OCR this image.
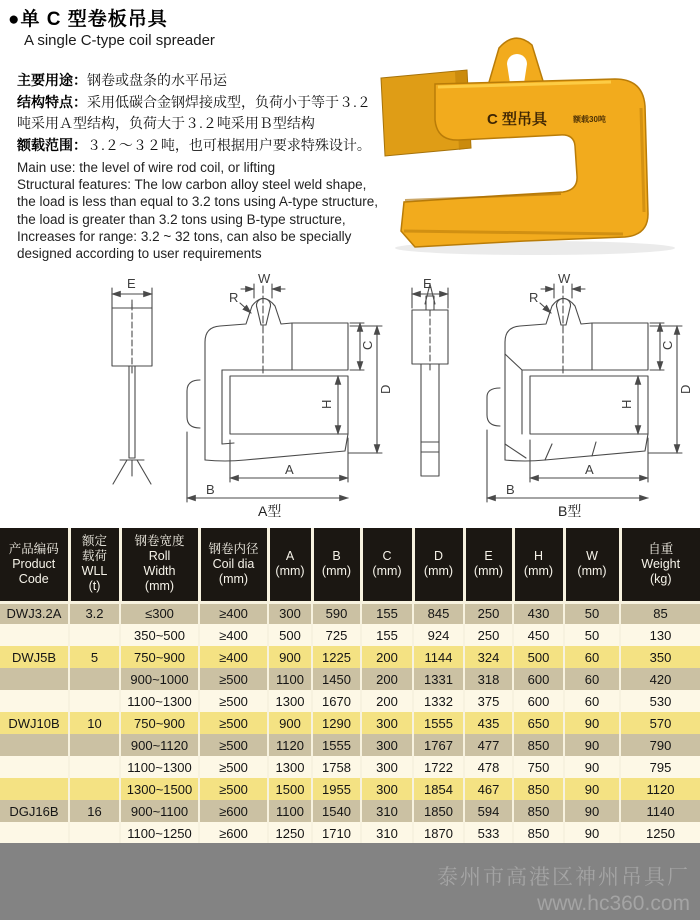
●单 C 型卷板吊具
A single C-type coil spreader
主要用途：钢卷或盘条的水平吊运
结构特点：采用低碳合金钢焊接成型，负荷小于等于３.２
吨采用Ａ型结构，负荷大于３.２吨采用Ｂ型结构
额载范围：３.２～３２吨，也可根据用户要求特殊设计。
Main use: the level of wire rod coil, or lifting
Structural features: The low carbon alloy steel weld shape,
the load is less than equal to 3.2 tons using A-type structure,
the load is greater than 3.2 tons using B-type structure,
Increases for range: 3.2 ~ 32 tons, can also be specially
designed according to user requirements
C 型吊具	额载30吨
E	W
R
C
H
D
A
B
A型
E	W
R
C
H
D
A
B
B型
产品编码
Product
Code	额定
载荷
WLL
(t)	钢卷宽度
Roll
Width
(mm)	钢卷内径
Coil dia
(mm)	A
(mm)	B
(mm)	C
(mm)	D
(mm)	E
(mm)	H
(mm)	W
(mm)	自重
Weight
(kg)
DWJ3.2A	3.2	≤300	≥400	300	590	155	845	250	430	50	85
		350~500	≥400	500	725	155	924	250	450	50	130
DWJ5B	5	750~900	≥400	900	1225	200	1144	324	500	60	350
		900~1000	≥500	1100	1450	200	1331	318	600	60	420
		1100~1300	≥500	1300	1670	200	1332	375	600	60	530
DWJ10B	10	750~900	≥500	900	1290	300	1555	435	650	90	570
		900~1120	≥500	1120	1555	300	1767	477	850	90	790
		1100~1300	≥500	1300	1758	300	1722	478	750	90	795
		1300~1500	≥500	1500	1955	300	1854	467	850	90	1120
DGJ16B	16	900~1100	≥600	1100	1540	310	1850	594	850	90	1140
		1100~1250	≥600	1250	1710	310	1870	533	850	90	1250
泰州市高港区神州吊具厂
www.hc360.com
